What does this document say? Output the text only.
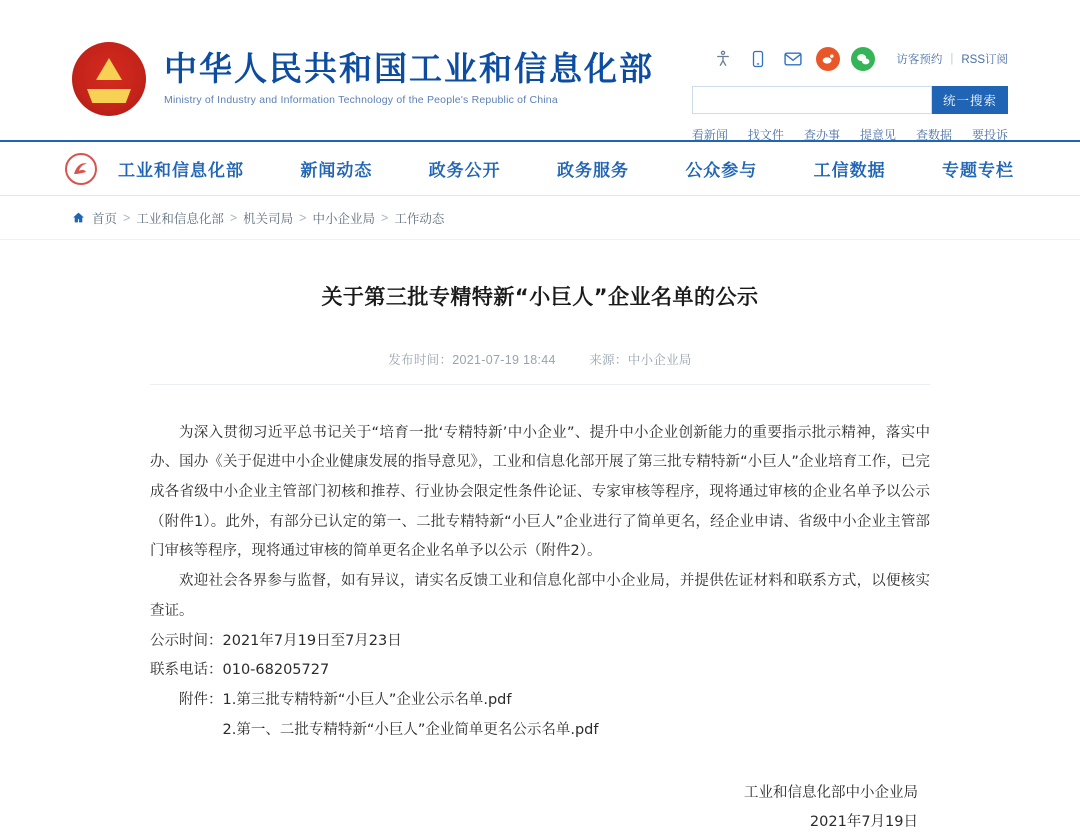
中华人民共和国工业和信息化部
Ministry of Industry and Information Technology of the People's Republic of China
访客预约 | RSS订阅
统一搜索
看新闻 找文件 查办事 提意见 查数据 要投诉
工业和信息化部	新闻动态	政务公开	政务服务	公众参与	工信数据	专题专栏
首页 > 工业和信息化部 > 机关司局 > 中小企业局 > 工作动态
关于第三批专精特新“小巨人”企业名单的公示
发布时间：2021-07-19 18:44	来源：中小企业局

为深入贯彻习近平总书记关于“培育一批‘专精特新’中小企业”、提升中小企业创新能力的重要指示批示精神，落实中办、国办《关于促进中小企业健康发展的指导意见》，工业和信息化部开展了第三批专精特新“小巨人”企业培育工作，已完成各省级中小企业主管部门初核和推荐、行业协会限定性条件论证、专家审核等程序，现将通过审核的企业名单予以公示（附件1）。此外，有部分已认定的第一、二批专精特新“小巨人”企业进行了简单更名，经企业申请、省级中小企业主管部门审核等程序，现将通过审核的简单更名企业名单予以公示（附件2）。

欢迎社会各界参与监督，如有异议，请实名反馈工业和信息化部中小企业局，并提供佐证材料和联系方式，以便核实查证。

公示时间：2021年7月19日至7月23日

联系电话：010-68205727

附件：1.第三批专精特新“小巨人”企业公示名单.pdf

2.第一、二批专精特新“小巨人”企业简单更名公示名单.pdf

工业和信息化部中小企业局
2021年7月19日
